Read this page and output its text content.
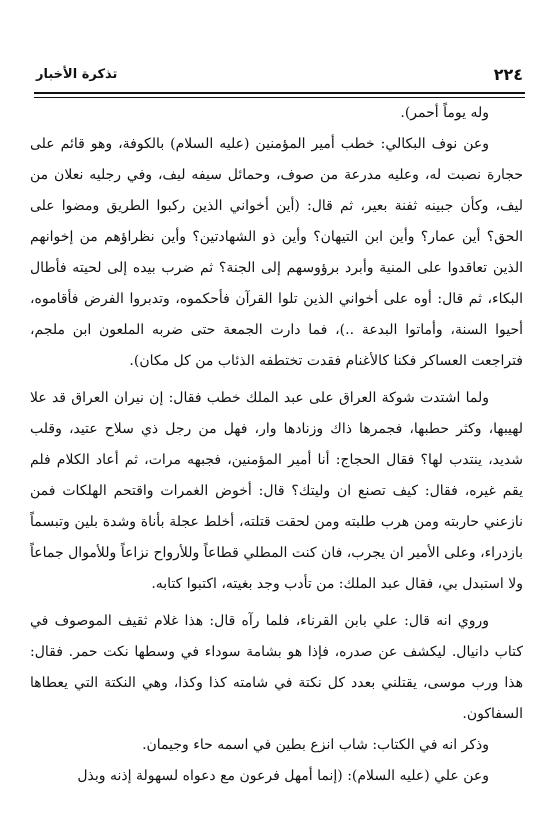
٢٢٤
تذكرة الأخبار

وله يوماً أحمر).

وعن نوف البكالي: خطب أمير المؤمنين (عليه السلام) بالكوفة، وهو قائم على حجارة نصبت له، وعليه مدرعة من صوف، وحمائل سيفه ليف، وفي رجليه نعلان من ليف، وكأن جبينه ثفنة بعير، ثم قال: (أين أخواني الذين ركبوا الطريق ومضوا على الحق؟ أين عمار؟ وأين ابن التيهان؟ وأين ذو الشهادتين؟ وأين نظراؤهم من إخوانهم الذين تعاقدوا على المنية وأبرد برؤوسهم إلى الجنة؟ ثم ضرب بيده إلى لحيته فأطال البكاء، ثم قال: أوه على أخواني الذين تلوا القرآن فأحكموه، وتدبروا الفرض فأقاموه، أحيوا السنة، وأماتوا البدعة ..)، فما دارت الجمعة حتى ضربه الملعون ابن ملجم، فتراجعت العساكر فكنا كالأغنام فقدت تختطفه الذئاب من كل مكان).

ولما اشتدت شوكة العراق على عبد الملك خطب فقال: إن نيران العراق قد علا لهيبها، وكثر حطبها، فجمرها ذاك وزنادها وار، فهل من رجل ذي سلاح عتيد، وقلب شديد، ينتدب لها؟ فقال الحجاج: أنا أمير المؤمنين، فجبهه مرات، ثم أعاد الكلام فلم يقم غيره، فقال: كيف تصنع ان وليتك؟ قال: أخوض الغمرات واقتحم الهلكات فمن نازعني حاربته ومن هرب طلبته ومن لحقت قتلته، أخلط عجلة بأناة وشدة بلين وتبسماً بازدراء، وعلى الأمير ان يجرب، فان كنت المطلي قطاعاً وللأرواح نزاعاً وللأموال جماعاً ولا استبدل بي، فقال عبد الملك: من تأدب وجد بغيته، اكتبوا كتابه.

وروي انه قال: علي بابن القرناء، فلما رآه قال: هذا غلام ثقيف الموصوف في كتاب دانيال. ليكشف عن صدره، فإذا هو بشامة سوداء في وسطها نكت حمر. فقال: هذا ورب موسى، يقتلني بعدد كل نكتة في شامته كذا وكذا، وهي النكتة التي يعطاها السفاكون.

وذكر انه في الكتاب: شاب انزع بطين في اسمه حاء وجيمان.

وعن علي (عليه السلام): (إنما أمهل فرعون مع دعواه لسهولة إذنه وبذل
